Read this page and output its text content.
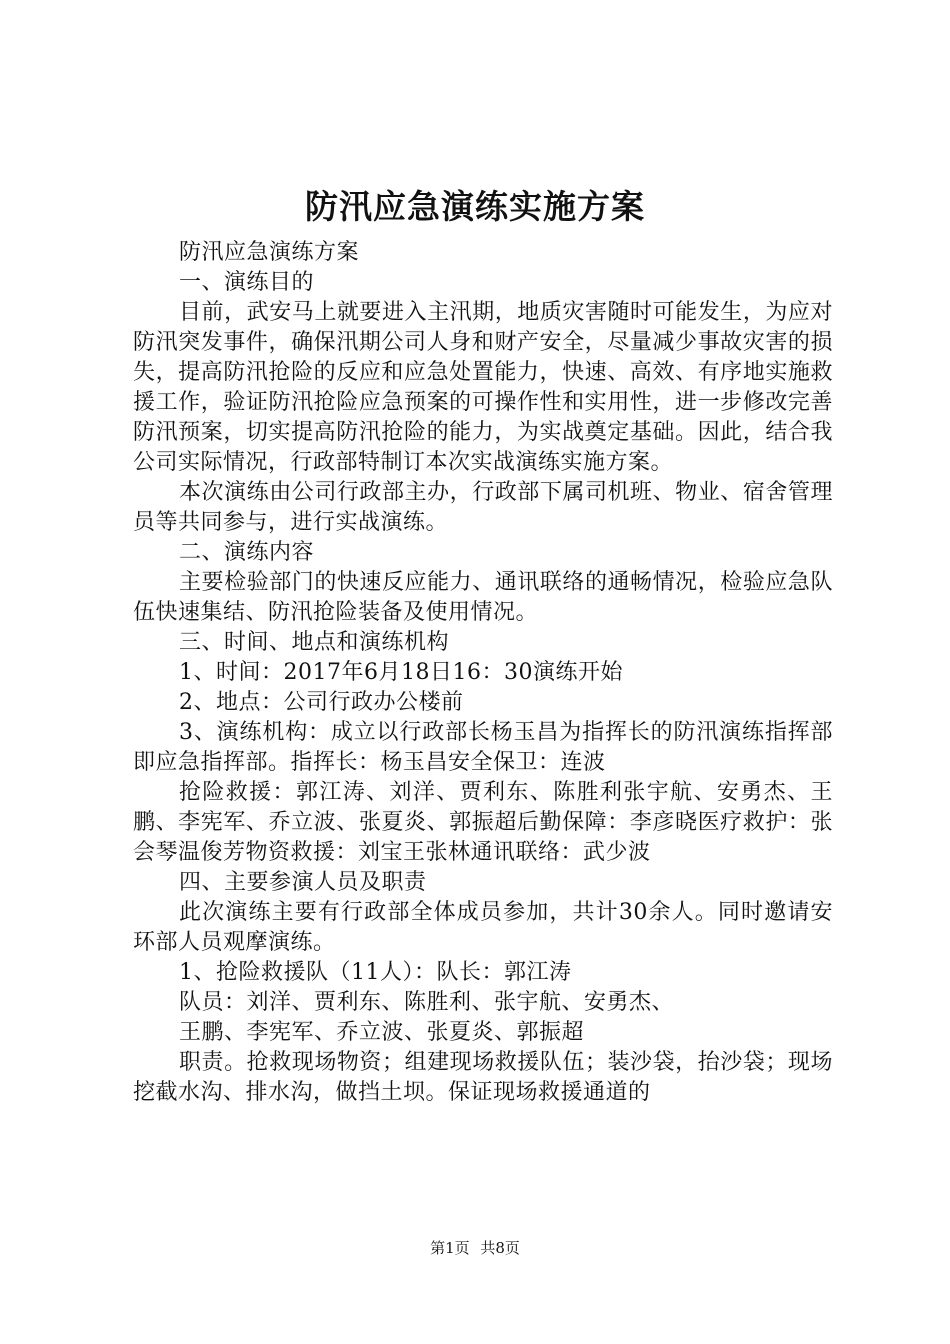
防汛应急演练实施方案

防汛应急演练方案

一、演练目的

目前，武安马上就要进入主汛期，地质灾害随时可能发生，为应对防汛突发事件，确保汛期公司人身和财产安全，尽量减少事故灾害的损失，提高防汛抢险的反应和应急处置能力，快速、高效、有序地实施救援工作，验证防汛抢险应急预案的可操作性和实用性，进一步修改完善防汛预案，切实提高防汛抢险的能力，为实战奠定基础。因此，结合我公司实际情况，行政部特制订本次实战演练实施方案。

本次演练由公司行政部主办，行政部下属司机班、物业、宿舍管理员等共同参与，进行实战演练。

二、演练内容

主要检验部门的快速反应能力、通讯联络的通畅情况，检验应急队伍快速集结、防汛抢险装备及使用情况。

三、时间、地点和演练机构

1、时间：2017年6月18日16：30演练开始

2、地点：公司行政办公楼前

3、演练机构：成立以行政部长杨玉昌为指挥长的防汛演练指挥部即应急指挥部。指挥长：杨玉昌安全保卫：连波

抢险救援：郭江涛、刘洋、贾利东、陈胜利张宇航、安勇杰、王鹏、李宪军、乔立波、张夏炎、郭振超后勤保障：李彦晓医疗救护：张会琴温俊芳物资救援：刘宝王张林通讯联络：武少波

四、主要参演人员及职责

此次演练主要有行政部全体成员参加，共计30余人。同时邀请安环部人员观摩演练。

1、抢险救援队（11人）：队长：郭江涛

队员：刘洋、贾利东、陈胜利、张宇航、安勇杰、

王鹏、李宪军、乔立波、张夏炎、郭振超

职责。抢救现场物资；组建现场救援队伍；装沙袋，抬沙袋；现场挖截水沟、排水沟，做挡土坝。保证现场救援通道的

第1页 共8页
